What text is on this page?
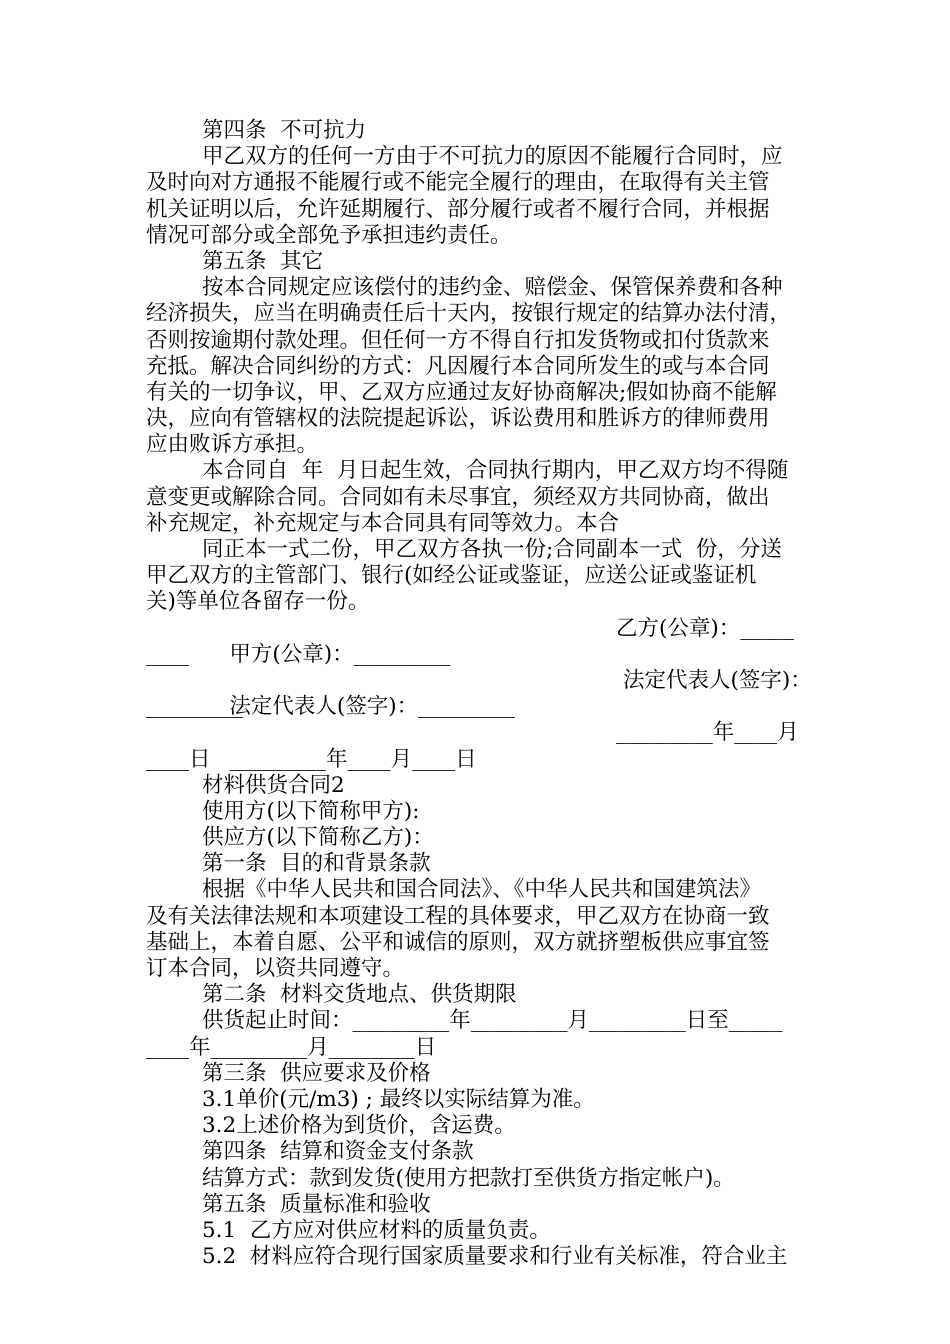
第四条  不可抗力
甲乙双方的任何一方由于不可抗力的原因不能履行合同时，应
及时向对方通报不能履行或不能完全履行的理由，在取得有关主管
机关证明以后，允许延期履行、部分履行或者不履行合同，并根据
情况可部分或全部免予承担违约责任。
第五条  其它
按本合同规定应该偿付的违约金、赔偿金、保管保养费和各种
经济损失，应当在明确责任后十天内，按银行规定的结算办法付清，
否则按逾期付款处理。但任何一方不得自行扣发货物或扣付货款来
充抵。解决合同纠纷的方式：凡因履行本合同所发生的或与本合同
有关的一切争议，甲、乙双方应通过友好协商解决;假如协商不能解
决，应向有管辖权的法院提起诉讼，诉讼费用和胜诉方的律师费用
应由败诉方承担。
本合同自  年  月日起生效，合同执行期内，甲乙双方均不得随
意变更或解除合同。合同如有未尽事宜，须经双方共同协商，做出
补充规定，补充规定与本合同具有同等效力。本合
同正本一式二份，甲乙双方各执一份;合同副本一式  份，分送
甲乙双方的主管部门、银行(如经公证或鉴证，应送公证或鉴证机
关)等单位各留存一份。

甲方(公章)：_________

乙方(公章)：_____

____

法定代表人(签字)：_________

法定代表人(签字)：

_________

_________年____月____日

_________年____月

____日
材料供货合同2
使用方(以下简称甲方):
供应方(以下简称乙方)：
第一条  目的和背景条款
根据《中华人民共和国合同法》、《中华人民共和国建筑法》
及有关法律法规和本项建设工程的具体要求，甲乙双方在协商一致
基础上，本着自愿、公平和诚信的原则，双方就挤塑板供应事宜签
订本合同，以资共同遵守。
第二条  材料交货地点、供货期限
供货起止时间：_________年_________月_________日至_____
____年_________月________日
第三条  供应要求及价格
3.1单价(元/m3) ; 最终以实际结算为准。
3.2上述价格为到货价，含运费。
第四条  结算和资金支付条款
结算方式：款到发货(使用方把款打至供货方指定帐户)。
第五条  质量标准和验收
5.1  乙方应对供应材料的质量负责。
5.2  材料应符合现行国家质量要求和行业有关标准，符合业主
